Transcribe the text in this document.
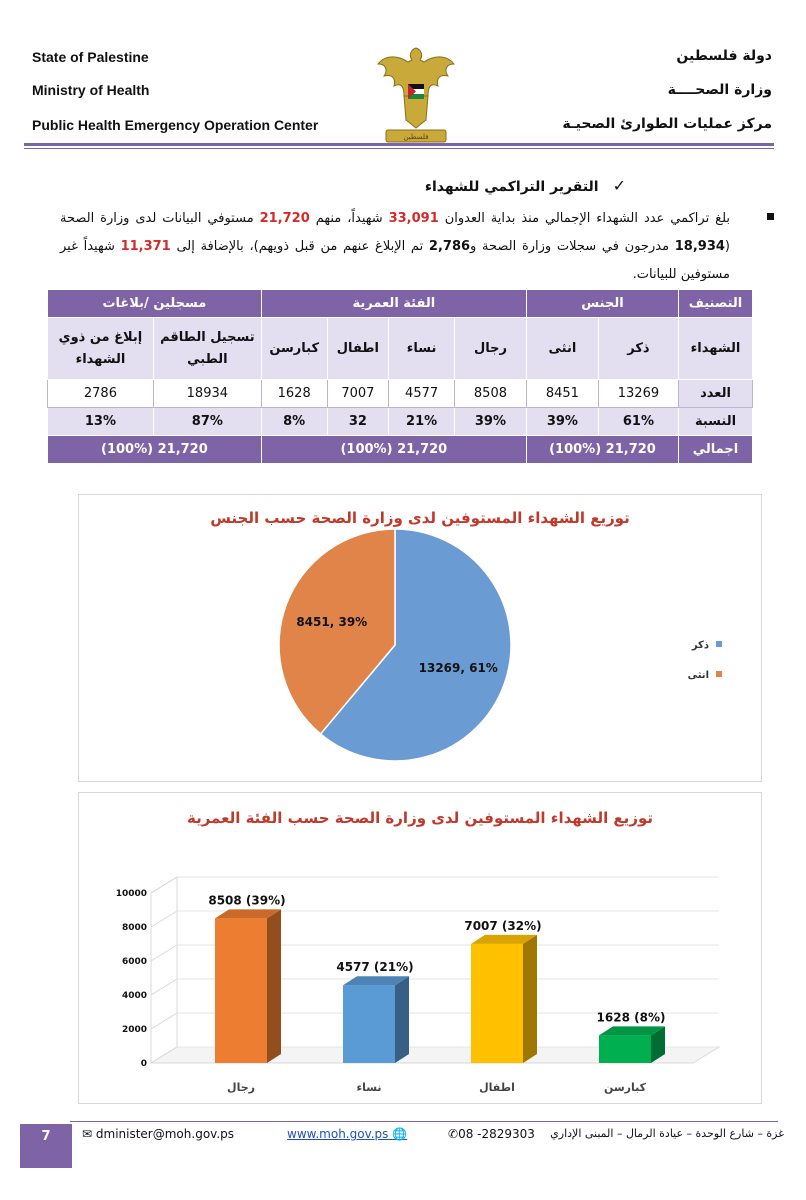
State of Palestine
Ministry of Health
Public Health Emergency Operation Center
فلسطين
دولة فلسطين
وزارة الصحــــة
مركز عمليات الطوارئ الصحيـة
✓التقرير التراكمي للشهداء
بلغ تراكمي عدد الشهداء الإجمالي منذ بداية العدوان 33,091 شهيداً، منهم 21,720 مستوفي البيانات لدى وزارة الصحة (18,934 مدرجون في سجلات وزارة الصحة و2,786 تم الإبلاغ عنهم من قبل ذويهم)، بالإضافة إلى 11,371 شهيداً غير مستوفين للبيانات.
التصنيف	الجنس		الفئة العمرية				مسجلين /بلاغات	
الشهداء	ذكر	انثى	رجال	نساء	اطفال	كبارسن	تسجيل الطاقم الطبي	إبلاغ من ذوي الشهداء
العدد	13269	8451	8508	4577	7007	1628	18934	2786
النسبة	61%	39%	39%	21%	32	8%	87%	13%
اجمالي	21,720 (100%)		21,720 (100%)				21,720 (100%)	
توزيع الشهداء المستوفين لدى وزارة الصحة حسب الجنس
13269, 61%
8451, 39%
ذكر
انثى
توزيع الشهداء المستوفين لدى وزارة الصحة حسب الفئة العمرية
0
2000
4000
6000
8000
10000	8508 (39%)
رجال
4577 (21%)
نساء
7007 (32%)
اطفال
1628 (8%)
كبارسن
7	✉ dminister@moh.gov.ps	www.moh.gov.ps 🌐	✆08 -2829303 غزة – شارع الوحدة – عيادة الرمال – المبنى الإداري
